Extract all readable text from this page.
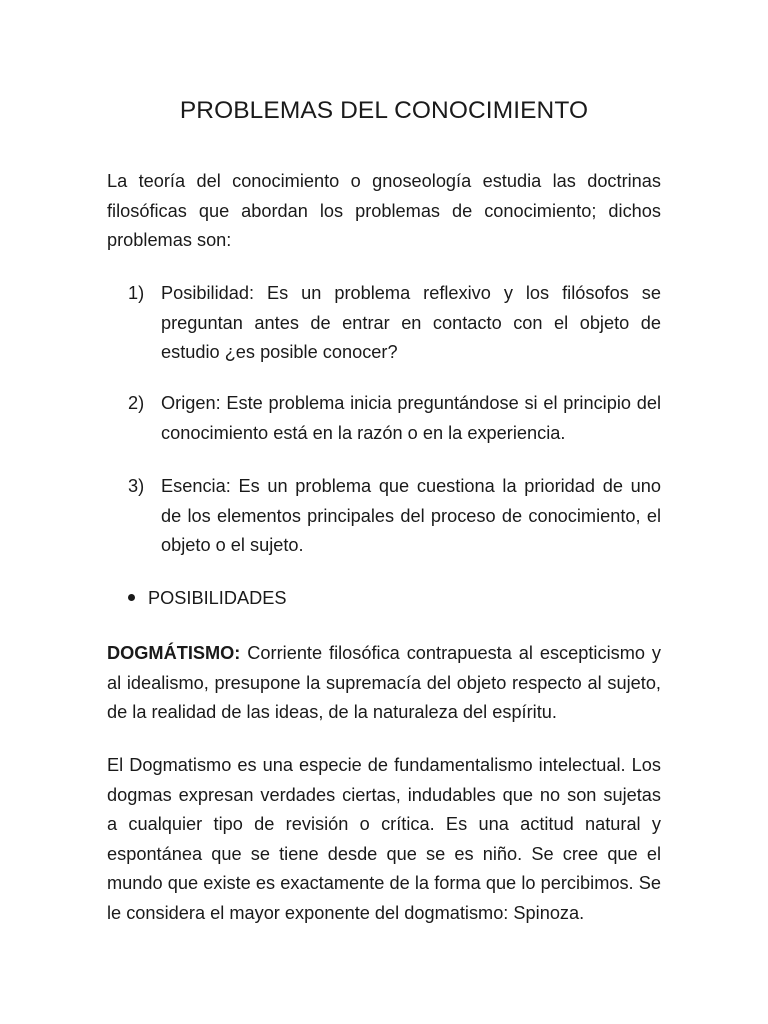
PROBLEMAS DEL CONOCIMIENTO

La teoría del conocimiento o gnoseología estudia las doctrinas filosóficas que abordan los problemas de conocimiento; dichos problemas son:

1) Posibilidad: Es un problema reflexivo y los filósofos se preguntan antes de entrar en contacto con el objeto de estudio ¿es posible conocer?
2) Origen: Este problema inicia preguntándose si el principio del conocimiento está en la razón o en la experiencia.
3) Esencia: Es un problema que cuestiona la prioridad de uno de los elementos principales del proceso de conocimiento, el objeto o el sujeto.
POSIBILIDADES

DOGMÁTISMO: Corriente filosófica contrapuesta al escepticismo y al idealismo, presupone la supremacía del objeto respecto al sujeto, de la realidad de las ideas, de la naturaleza del espíritu.

El Dogmatismo es una especie de fundamentalismo intelectual. Los dogmas expresan verdades ciertas, indudables que no son sujetas a cualquier tipo de revisión o crítica. Es una actitud natural y espontánea que se tiene desde que se es niño. Se cree que el mundo que existe es exactamente de la forma que lo percibimos. Se le considera el mayor exponente del dogmatismo: Spinoza.
